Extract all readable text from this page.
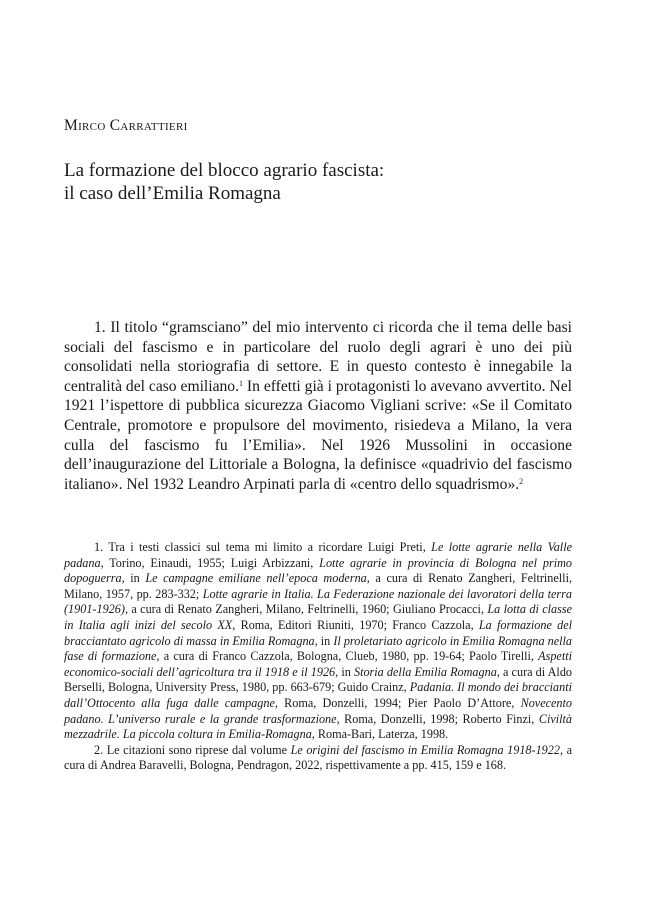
Mirco Carrattieri

La formazione del blocco agrario fascista:
il caso dell’Emilia Romagna

1. Il titolo “gramsciano” del mio intervento ci ricorda che il tema delle basi sociali del fascismo e in particolare del ruolo degli agrari è uno dei più consolidati nella storiografia di settore. E in questo contesto è innegabile la centralità del caso emiliano.$^1$ In effetti già i protagonisti lo avevano avvertito. Nel 1921 l’ispettore di pubblica sicurezza Giacomo Vigliani scrive: «Se il Comitato Centrale, promotore e propulsore del movimento, risiedeva a Milano, la vera culla del fascismo fu l’Emilia». Nel 1926 Mussolini in occasione dell’inaugurazione del Littoriale a Bologna, la definisce «quadrivio del fascismo italiano». Nel 1932 Leandro Arpinati parla di «centro dello squadrismo».$^2$

1. Tra i testi classici sul tema mi limito a ricordare Luigi Preti, Le lotte agrarie nella Valle padana, Torino, Einaudi, 1955; Luigi Arbizzani, Lotte agrarie in provincia di Bologna nel primo dopoguerra, in Le campagne emiliane nell’epoca moderna, a cura di Renato Zangheri, Feltrinelli, Milano, 1957, pp. 283-332; Lotte agrarie in Italia. La Federazione nazionale dei lavoratori della terra (1901-1926), a cura di Renato Zangheri, Milano, Feltrinelli, 1960; Giuliano Procacci, La lotta di classe in Italia agli inizi del secolo XX, Roma, Editori Riuniti, 1970; Franco Cazzola, La formazione del bracciantato agricolo di massa in Emilia Romagna, in Il proletariato agricolo in Emilia Romagna nella fase di formazione, a cura di Franco Cazzola, Bologna, Clueb, 1980, pp. 19-64; Paolo Tirelli, Aspetti economico-sociali dell’agricoltura tra il 1918 e il 1926, in Storia della Emilia Romagna, a cura di Aldo Berselli, Bologna, University Press, 1980, pp. 663-679; Guido Crainz, Padania. Il mondo dei braccianti dall’Ottocento alla fuga dalle campagne, Roma, Donzelli, 1994; Pier Paolo D’Attore, Novecento padano. L’universo rurale e la grande trasformazione, Roma, Donzelli, 1998; Roberto Finzi, Civiltà mezzadrile. La piccola coltura in Emilia-Romagna, Roma-Bari, Laterza, 1998.

2. Le citazioni sono riprese dal volume Le origini del fascismo in Emilia Romagna 1918-1922, a cura di Andrea Baravelli, Bologna, Pendragon, 2022, rispettivamente a pp. 415, 159 e 168.
